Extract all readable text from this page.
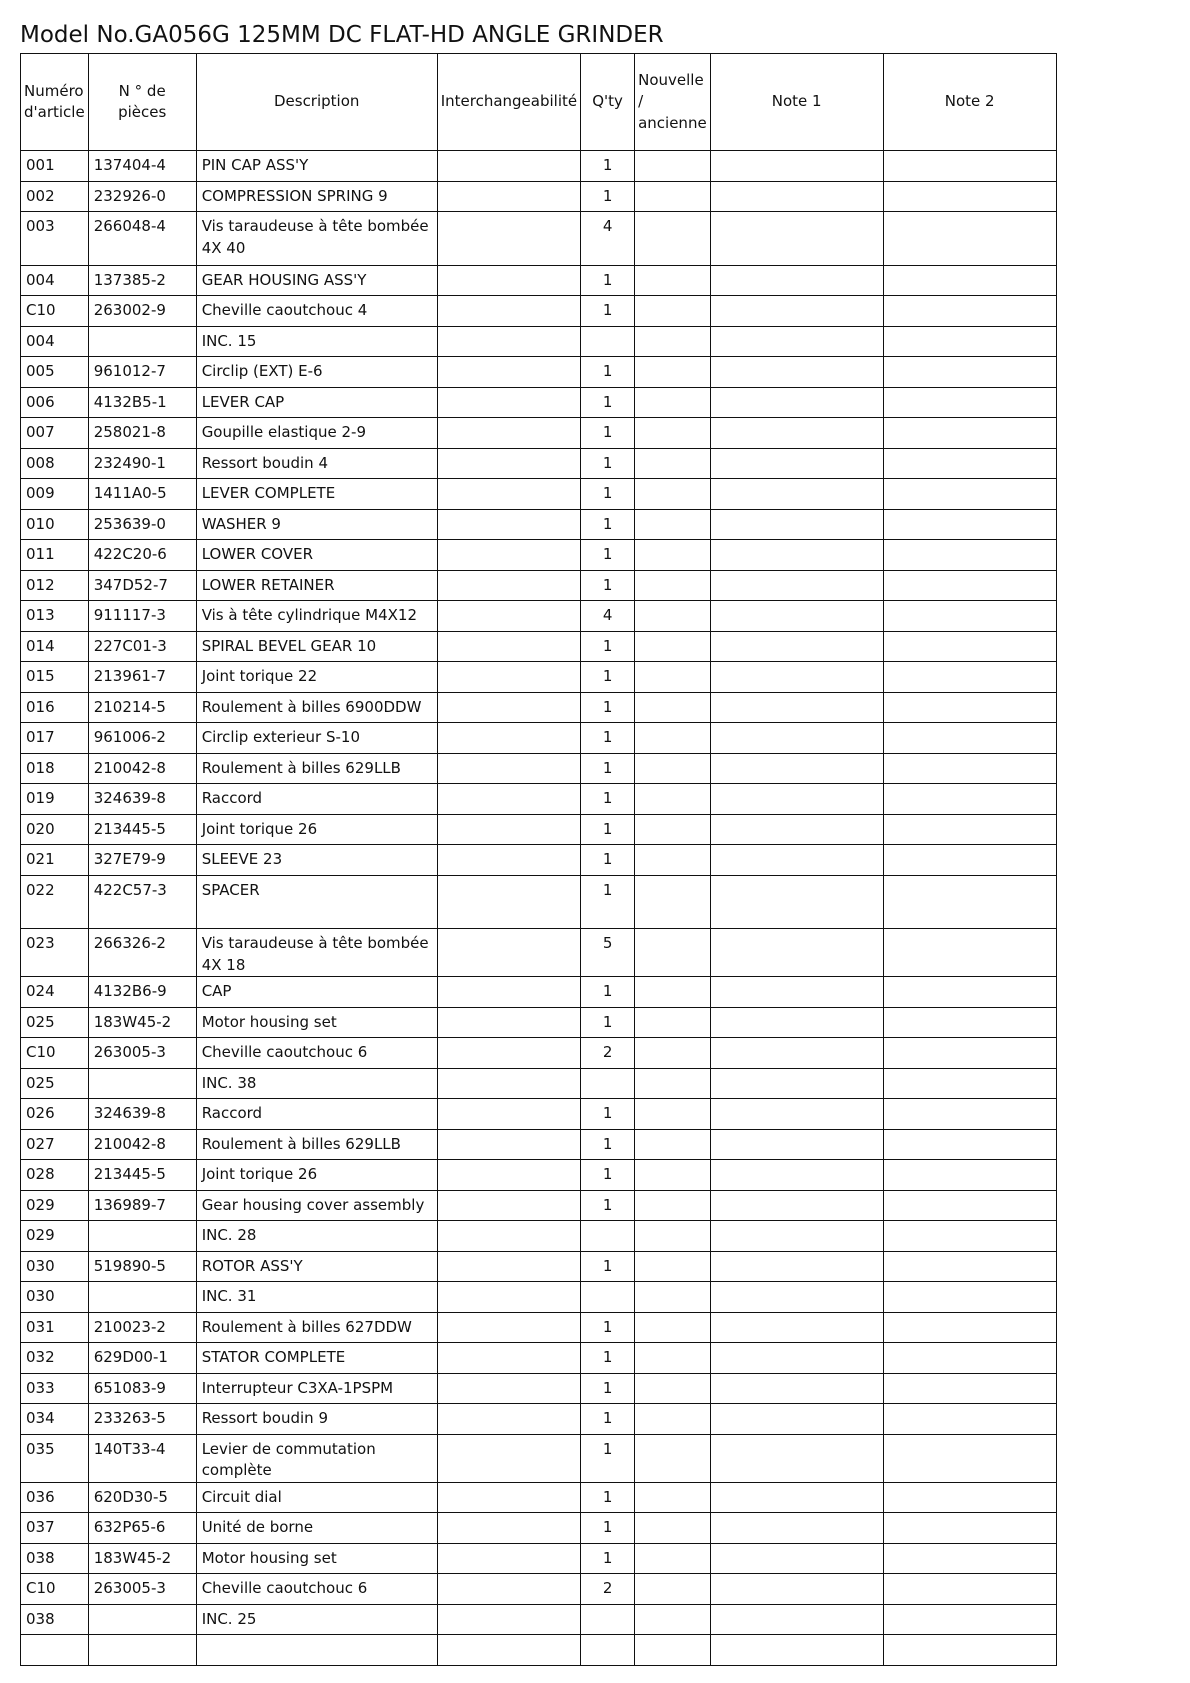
Model No.GA056G 125MM DC FLAT-HD ANGLE GRINDER
Numéro d'article	N ° de pièces	Description	Interchangeabilité	Q'ty	Nouvelle / ancienne	Note 1	Note 2
001	137404-4	PIN CAP ASS'Y		1			
002	232926-0	COMPRESSION SPRING 9		1			
003	266048-4	Vis taraudeuse à tête bombée 4X 40		4			
004	137385-2	GEAR HOUSING ASS'Y		1			
C10	263002-9	Cheville caoutchouc 4		1			
004		INC. 15					
005	961012-7	Circlip (EXT) E-6		1			
006	4132B5-1	LEVER CAP		1			
007	258021-8	Goupille elastique 2-9		1			
008	232490-1	Ressort boudin 4		1			
009	1411A0-5	LEVER COMPLETE		1			
010	253639-0	WASHER 9		1			
011	422C20-6	LOWER COVER		1			
012	347D52-7	LOWER RETAINER		1			
013	911117-3	Vis à tête cylindrique M4X12		4			
014	227C01-3	SPIRAL BEVEL GEAR 10		1			
015	213961-7	Joint torique 22		1			
016	210214-5	Roulement à billes 6900DDW		1			
017	961006-2	Circlip exterieur S-10		1			
018	210042-8	Roulement à billes 629LLB		1			
019	324639-8	Raccord		1			
020	213445-5	Joint torique 26		1			
021	327E79-9	SLEEVE 23		1			
022	422C57-3	SPACER		1			
023	266326-2	Vis taraudeuse à tête bombée 4X 18		5			
024	4132B6-9	CAP		1			
025	183W45-2	Motor housing set		1			
C10	263005-3	Cheville caoutchouc 6		2			
025		INC. 38					
026	324639-8	Raccord		1			
027	210042-8	Roulement à billes 629LLB		1			
028	213445-5	Joint torique 26		1			
029	136989-7	Gear housing cover assembly		1			
029		INC. 28					
030	519890-5	ROTOR ASS'Y		1			
030		INC. 31					
031	210023-2	Roulement à billes 627DDW		1			
032	629D00-1	STATOR COMPLETE		1			
033	651083-9	Interrupteur C3XA-1PSPM		1			
034	233263-5	Ressort boudin 9		1			
035	140T33-4	Levier de commutation complète		1			
036	620D30-5	Circuit dial		1			
037	632P65-6	Unité de borne		1			
038	183W45-2	Motor housing set		1			
C10	263005-3	Cheville caoutchouc 6		2			
038		INC. 25					
